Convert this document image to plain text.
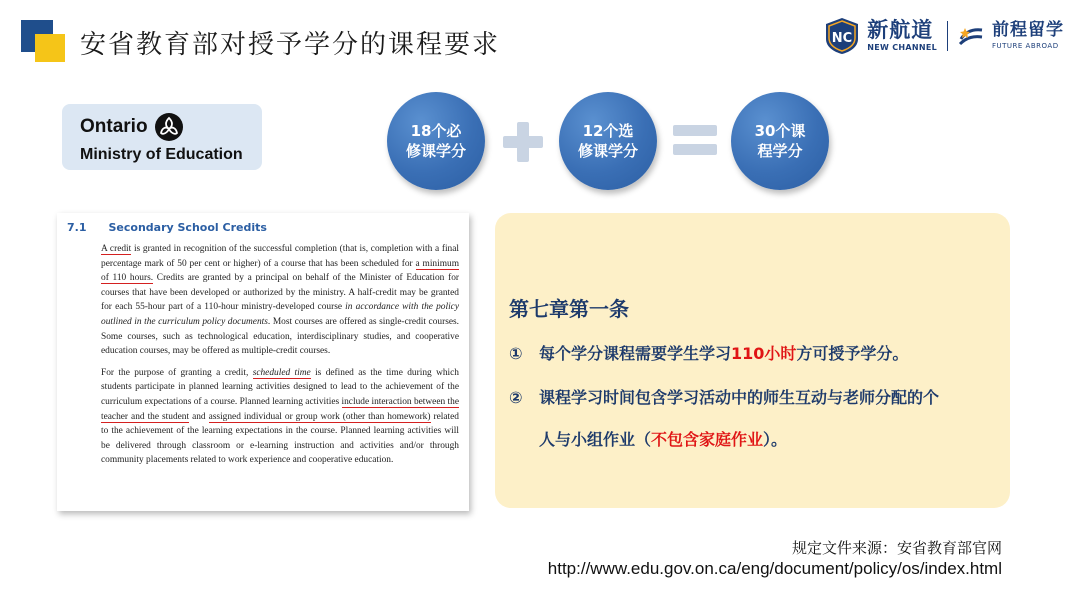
安省教育部对授予学分的课程要求	NC 新航道
NEW CHANNEL
前程留学
FUTURE ABROAD
Ontario
Ministry of Education
18个必修课学分
12个选修课学分
30个课程学分
7.1 Secondary School Credits

A credit is granted in recognition of the successful completion (that is, completion with a final percentage mark of 50 per cent or higher) of a course that has been scheduled for a minimum of 110 hours. Credits are granted by a principal on behalf of the Minister of Education for courses that have been developed or authorized by the ministry. A half-credit may be granted for each 55-hour part of a 110-hour ministry-developed course in accordance with the policy outlined in the curriculum policy documents. Most courses are offered as single-credit courses. Some courses, such as technological education, interdisciplinary studies, and cooperative education courses, may be offered as multiple-credit courses.

For the purpose of granting a credit, scheduled time is defined as the time during which students participate in planned learning activities designed to lead to the achievement of the curriculum expectations of a course. Planned learning activities include interaction between the teacher and the student and assigned individual or group work (other than homework) related to the achievement of the learning expectations in the course. Planned learning activities will be delivered through classroom or e-learning instruction and activities and/or through community placements related to work experience and cooperative education.

第七章第一条
① 每个学分课程需要学生学习110小时方可授予学分。
② 课程学习时间包含学习活动中的师生互动与老师分配的个
人与小组作业（不包含家庭作业）。
规定文件来源：安省教育部官网
http://www.edu.gov.on.ca/eng/document/policy/os/index.html
